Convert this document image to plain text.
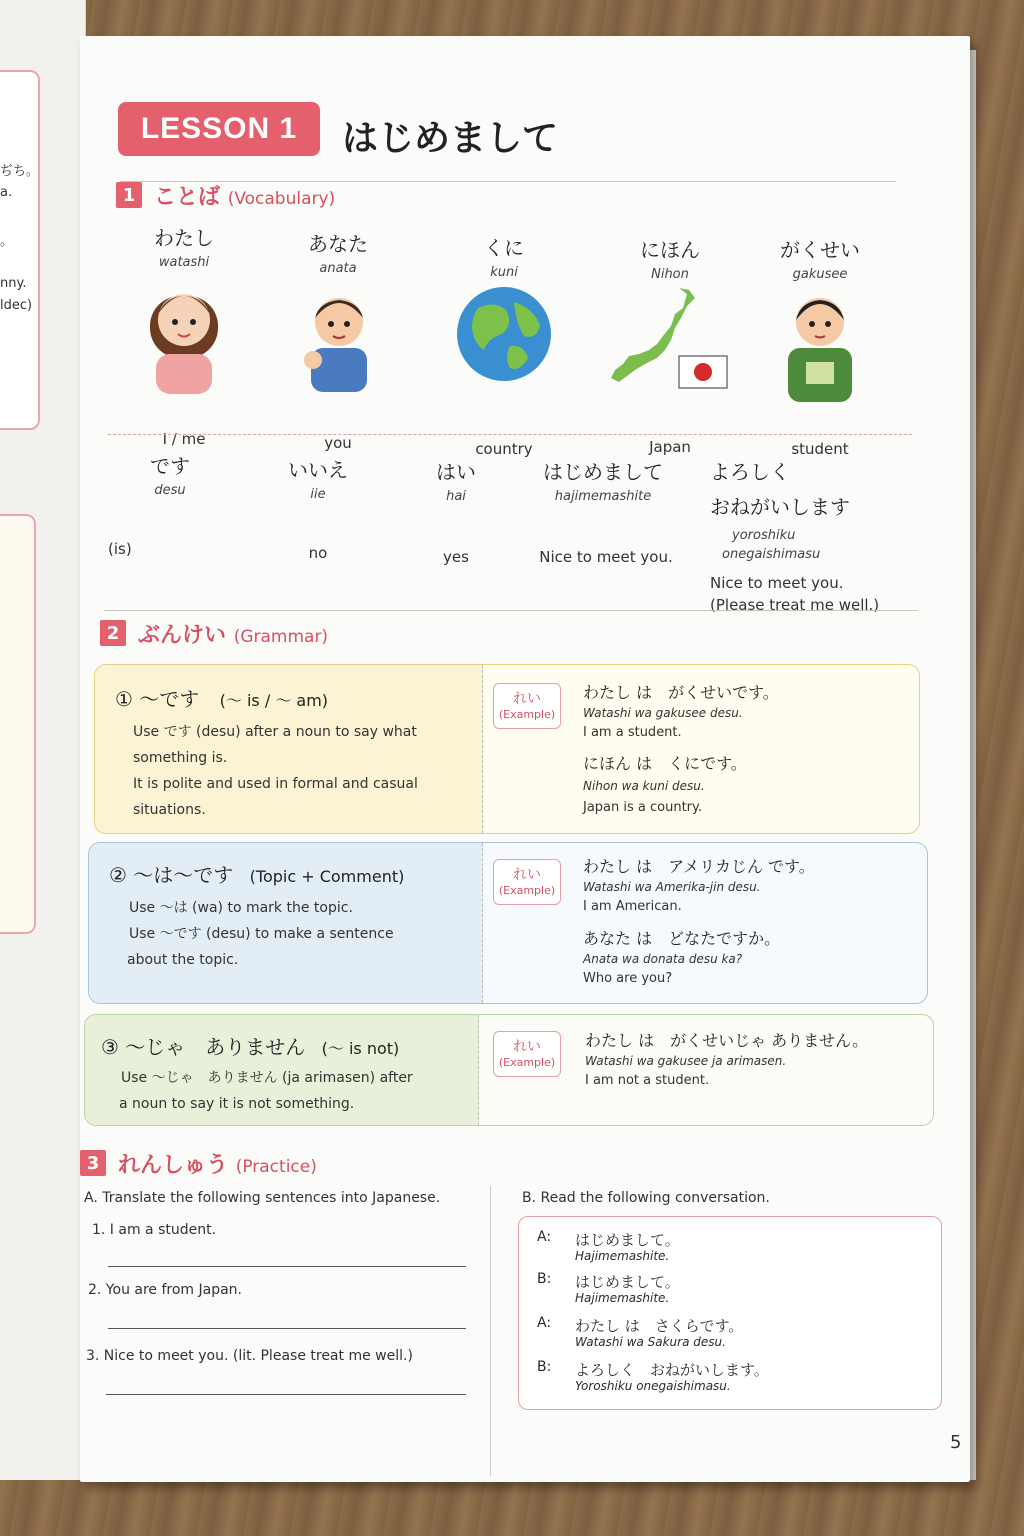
ぢち。
a.
。
nny.
ldec)
LESSON 1	はじめまして
1 ことば (Vocabulary)
わたし
watashi
I / me
あなた
anata
you
くに
kuni
country
にほん
Nihon
Japan
がくせい
gakusee
student
です
desu
(is)
いいえ
iie
no
はい
hai
yes
はじめまして
hajimemashite
Nice to meet you.
よろしく
おねがいします
yoroshiku
onegaishimasu
Nice to meet you.
(Please treat me well.)
2 ぶんけい (Grammar)
① 〜です (〜 is / 〜 am)
Use です (desu) after a noun to say what something is.
It is polite and used in formal and casual situations.
れい
(Example)
わたし は　がくせいです。
Watashi wa gakusee desu.
I am a student.
にほん は　くにです。
Nihon wa kuni desu.
Japan is a country.
② 〜は〜です (Topic + Comment)
Use 〜は (wa) to mark the topic.
Use 〜です (desu) to make a sentence
about the topic.
れい
(Example)
わたし は　アメリカじん です。
Watashi wa Amerika-jin desu.
I am American.
あなた は　どなたですか。
Anata wa donata desu ka?
Who are you?
③ 〜じゃ　ありません (〜 is not)
Use 〜じゃ　ありません (ja arimasen) after
a noun to say it is not something.
れい
(Example)
わたし は　がくせいじゃ ありません。
Watashi wa gakusee ja arimasen.
I am not a student.
3 れんしゅう (Practice)
A. Translate the following sentences into Japanese.
1. I am a student.
2. You are from Japan.
3. Nice to meet you. (lit. Please treat me well.)
B. Read the following conversation.
A:	はじめまして。
Hajimemashite.
B:	はじめまして。
Hajimemashite.
A:	わたし は　さくらです。
Watashi wa Sakura desu.
B:	よろしく　おねがいします。
Yoroshiku onegaishimasu.
5
